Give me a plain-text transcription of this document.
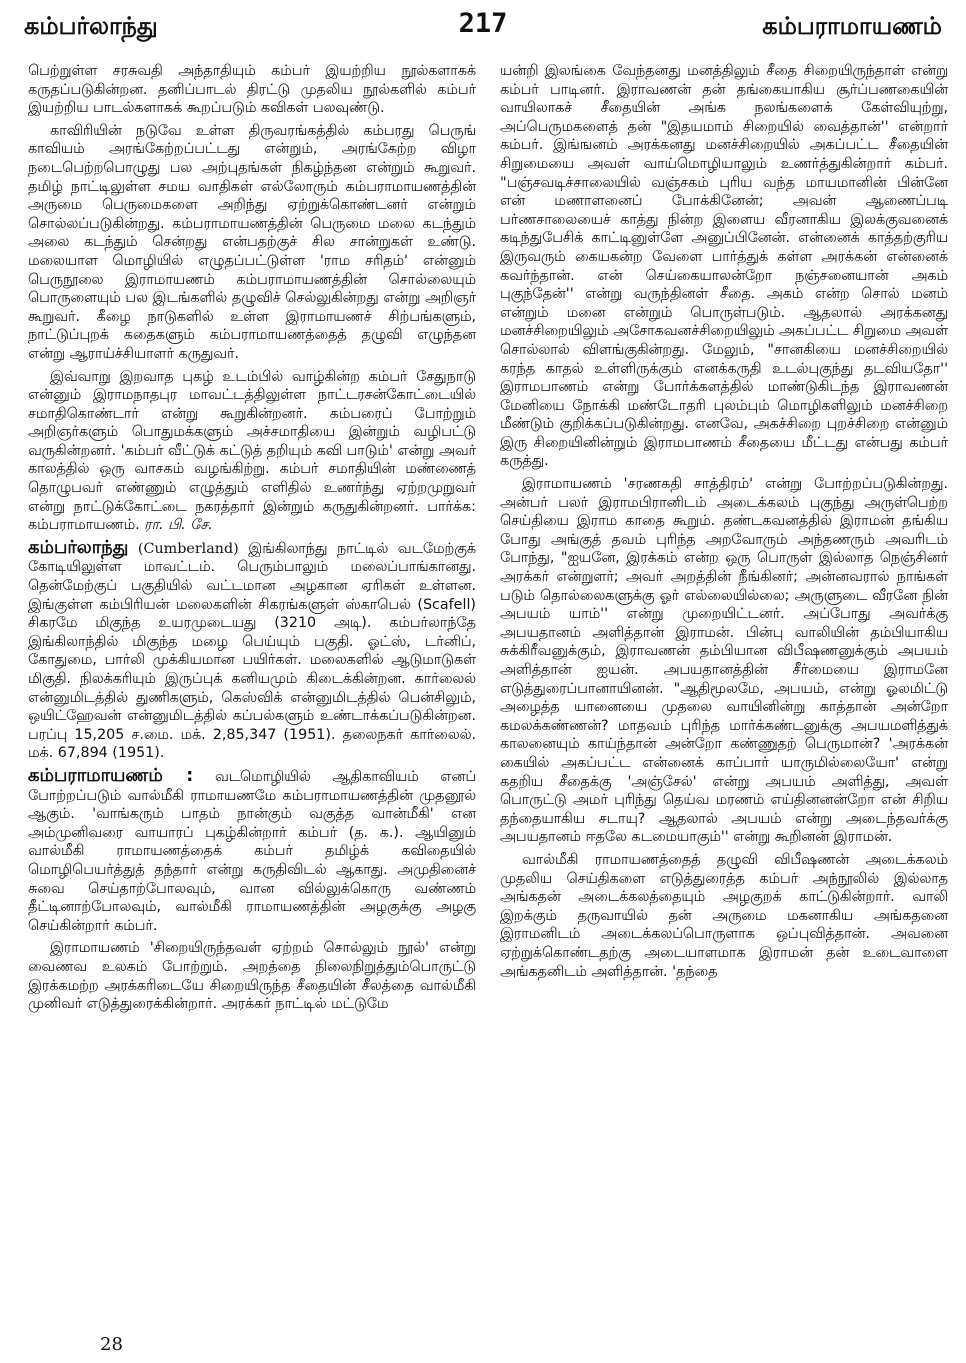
கம்பர்லாந்து	217	கம்பராமாயணம்

பெற்றுள்ள சரசுவதி அந்தாதியும் கம்பர் இயற்றிய நூல்களாகக் கருதப்படுகின்றன. தனிப்பாடல் திரட்டு முதலிய நூல்களில் கம்பர் இயற்றிய பாடல்களாகக் கூறப்படும் கவிகள் பலவுண்டு.

காவிரியின் நடுவே உள்ள திருவரங்கத்தில் கம்பரது பெருங் காவியம் அரங்கேற்றப்பட்டது என்றும், அரங்கேற்ற விழா நடைபெற்றபொழுது பல அற்புதங்கள் நிகழ்ந்தன என்றும் கூறுவர். தமிழ் நாட்டிலுள்ள சமய வாதிகள் எல்லோரும் கம்பராமாயணத்தின் அருமை பெருமைகளை அறிந்து ஏற்றுக்கொண்டனர் என்றும் சொல்லப்படுகின்றது. கம்பராமாயணத்தின் பெருமை மலை கடந்தும் அலை கடந்தும் சென்றது என்பதற்குச் சில சான்றுகள் உண்டு. மலையாள மொழியில் எழுதப்பட்டுள்ள 'ராம சரிதம்' என்னும் பெருநூலை இராமாயணம் கம்பராமாயணத்தின் சொல்லையும் பொருளையும் பல இடங்களில் தழுவிச் செல்லுகின்றது என்று அறிஞர் கூறுவர். கீழை நாடுகளில் உள்ள இராமாயணச் சிற்பங்களும், நாட்டுப்புறக் கதைகளும் கம்பராமாயணத்தைத் தழுவி எழுந்தன என்று ஆராய்ச்சியாளர் கருதுவர்.

இவ்வாறு இறவாத புகழ் உடம்பில் வாழ்கின்ற கம்பர் சேதுநாடு என்னும் இராமநாதபுர மாவட்டத்திலுள்ள நாட்டரசன்கோட்டையில் சமாதிகொண்டார் என்று கூறுகின்றனர். கம்பரைப் போற்றும் அறிஞர்களும் பொதுமக்களும் அச்சமாதியை இன்றும் வழிபட்டு வருகின்றனர். 'கம்பர் வீட்டுக் கட்டுத் தறியும் கவி பாடும்' என்று அவர் காலத்தில் ஒரு வாசகம் வழங்கிற்று. கம்பர் சமாதியின் மண்ணைத் தொழுபவர் எண்ணும் எழுத்தும் எளிதில் உணர்ந்து ஏற்றமுறுவர் என்று நாட்டுக்கோட்டை நகரத்தார் இன்றும் கருதுகின்றனர். பார்க்க: கம்பராமாயணம். ரா. பி. சே.

கம்பர்லாந்து (Cumberland) இங்கிலாந்து நாட்டில் வடமேற்குக் கோடியிலுள்ள மாவட்டம். பெரும்பாலும் மலைப்பாங்கானது. தென்மேற்குப் பகுதியில் வட்டமான அழகான ஏரிகள் உள்ளன. இங்குள்ள கம்பிரியன் மலைகளின் சிகரங்களுள் ஸ்காபெல் (Scafell) சிகரமே மிகுந்த உயரமுடையது (3210 அடி). கம்பர்லாந்தே இங்கிலாந்தில் மிகுந்த மழை பெய்யும் பகுதி. ஓட்ஸ், டர்னிப், கோதுமை, பார்லி முக்கியமான பயிர்கள். மலைகளில் ஆடுமாடுகள் மிகுதி. நிலக்கரியும் இருப்புக் கனியமும் கிடைக்கின்றன. கார்லைல் என்னுமிடத்தில் துணிகளும், கெஸ்விக் என்னுமிடத்தில் பென்சிலும், ஒயிட்ஹேவன் என்னுமிடத்தில் கப்பல்களும் உண்டாக்கப்படுகின்றன. பரப்பு 15,205 ச.மை. மக். 2,85,347 (1951). தலைநகர் கார்லைல். மக். 67,894 (1951).

கம்பராமாயணம் : வடமொழியில் ஆதிகாவியம் எனப் போற்றப்படும் வால்மீகி ராமாயணமே கம்பராமாயணத்தின் முதனூல் ஆகும். 'வாங்கரும் பாதம் நான்கும் வகுத்த வான்மீகி' என அம்முனிவரை வாயாரப் புகழ்கின்றார் கம்பர் (த. க.). ஆயினும் வால்மீகி ராமாயணத்தைக் கம்பர் தமிழ்க் கவிதையில் மொழிபெயர்த்துத் தந்தார் என்று கருதிவிடல் ஆகாது. அமுதினைச் சுவை செய்தாற்போலவும், வான வில்லுக்கொரு வண்ணம் தீட்டினாற்போலவும், வால்மீகி ராமாயணத்தின் அழகுக்கு அழகு செய்கின்றார் கம்பர்.

இராமாயணம் 'சிறையிருந்தவள் ஏற்றம் சொல்லும் நூல்' என்று வைணவ உலகம் போற்றும். அறத்தை நிலைநிறுத்தும்பொருட்டு இரக்கமற்ற அரக்கரிடையே சிறையிருந்த சீதையின் சீலத்தை வால்மீகி முனிவர் எடுத்துரைக்கின்றார். அரக்கர் நாட்டில் மட்டுமே

யன்றி இலங்கை வேந்தனது மனத்திலும் சீதை சிறையிருந்தாள் என்று கம்பர் பாடினர். இராவணன் தன் தங்கையாகிய சூர்ப்பணகையின் வாயிலாகச் சீதையின் அங்க நலங்களைக் கேள்வியுற்று, அப்பெருமகளைத் தன் "இதயமாம் சிறையில் வைத்தான்'' என்றார் கம்பர். இங்ஙனம் அரக்கனது மனச்சிறையில் அகப்பட்ட சீதையின் சிறுமையை அவள் வாய்மொழியாலும் உணர்த்துகின்றார் கம்பர். "பஞ்சவடிச்சாலையில் வஞ்சகம் புரிய வந்த மாயமானின் பின்னே என் மணாளனைப் போக்கினேன்; அவன் ஆணைப்படி பர்ணசாலையைச் காத்து நின்ற இளைய வீரனாகிய இலக்குவனைக் கடிந்துபேசிக் காட்டினுள்ளே அனுப்பினேன். என்னைக் காத்தற்குரிய இருவரும் கையகன்ற வேளை பார்த்துக் கள்ள அரக்கன் என்னைக் கவர்ந்தான். என் செய்கையாலன்றோ நஞ்சனையான் அகம் புகுந்தேன்'' என்று வருந்தினள் சீதை. அகம் என்ற சொல் மனம் என்றும் மனை என்றும் பொருள்படும். ஆதலால் அரக்கனது மனச்சிறையிலும் அசோகவனச்சிறையிலும் அகப்பட்ட சிறுமை அவள் சொல்லால் விளங்குகின்றது. மேலும், "சானகியை மனச்சிறையில் கரந்த காதல் உள்ளிருக்கும் எனக்கருதி உடல்புகுந்து தடவியதோ'' இராமபாணம் என்று போர்க்களத்தில் மாண்டுகிடந்த இராவணன் மேனியை நோக்கி மண்டோதரி புலம்பும் மொழிகளிலும் மனச்சிறை மீண்டும் குறிக்கப்படுகின்றது. எனவே, அகச்சிறை புறச்சிறை என்னும் இரு சிறையினின்றும் இராமபாணம் சீதையை மீட்டது என்பது கம்பர் கருத்து.

இராமாயணம் 'சரணகதி சாத்திரம்' என்று போற்றப்படுகின்றது. அன்பர் பலர் இராமபிரானிடம் அடைக்கலம் புகுந்து அருள்பெற்ற செய்தியை இராம காதை கூறும். தண்டகவனத்தில் இராமன் தங்கிய போது அங்குத் தவம் புரிந்த அறவோரும் அந்தணரும் அவரிடம் போந்து, "ஐயனே, இரக்கம் என்ற ஒரு பொருள் இல்லாத நெஞ்சினர் அரக்கர் என்றுளர்; அவர் அறத்தின் நீங்கினர்; அன்னவரால் நாங்கள் படும் தொல்லைகளுக்கு ஓர் எல்லையில்லை; அருளுடை வீரனே நின் அபயம் யாம்'' என்று முறையிட்டனர். அப்போது அவர்க்கு அபயதானம் அளித்தான் இராமன். பின்பு வாலியின் தம்பியாகிய சுக்கிரீவனுக்கும், இராவணன் தம்பியான விபீஷணனுக்கும் அபயம் அளித்தான் ஐயன். அபயதானத்தின் சீர்மையை இராமனே எடுத்துரைப்பானாயினன். "ஆதிமூலமே, அபயம், என்று ஓலமிட்டு அழைத்த யானையை முதலை வாயினின்று காத்தான் அன்றோ கமலக்கண்ணன்? மாதவம் புரிந்த மார்க்கண்டனுக்கு அபயமளித்துக் காலனையும் காய்ந்தான் அன்றோ கண்ணுதற் பெருமான்? 'அரக்கன் கையில் அகப்பட்ட என்னைக் காப்பார் யாருமில்லையோ' என்று கதறிய சீதைக்கு 'அஞ்சேல்' என்று அபயம் அளித்து, அவள் பொருட்டு அமர் புரிந்து தெய்வ மரணம் எய்தினனன்றோ என் சிறிய தந்தையாகிய சடாயு? ஆதலால் அபயம் என்று அடைந்தவர்க்கு அபயதானம் ஈதலே கடமையாகும்'' என்று கூறினன் இராமன்.

வால்மீகி ராமாயணத்தைத் தழுவி விபீஷணன் அடைக்கலம் முதலிய செய்திகளை எடுத்துரைத்த கம்பர் அந்நூலில் இல்லாத அங்கதன் அடைக்கலத்தையும் அழகுறக் காட்டுகின்றார். வாலி இறக்கும் தருவாயில் தன் அருமை மகனாகிய அங்கதனை இராமனிடம் அடைக்கலப்பொருளாக ஒப்புவித்தான். அவனை ஏற்றுக்கொண்டதற்கு அடையாளமாக இராமன் தன் உடைவாளை அங்கதனிடம் அளித்தான். 'தந்தை

28
